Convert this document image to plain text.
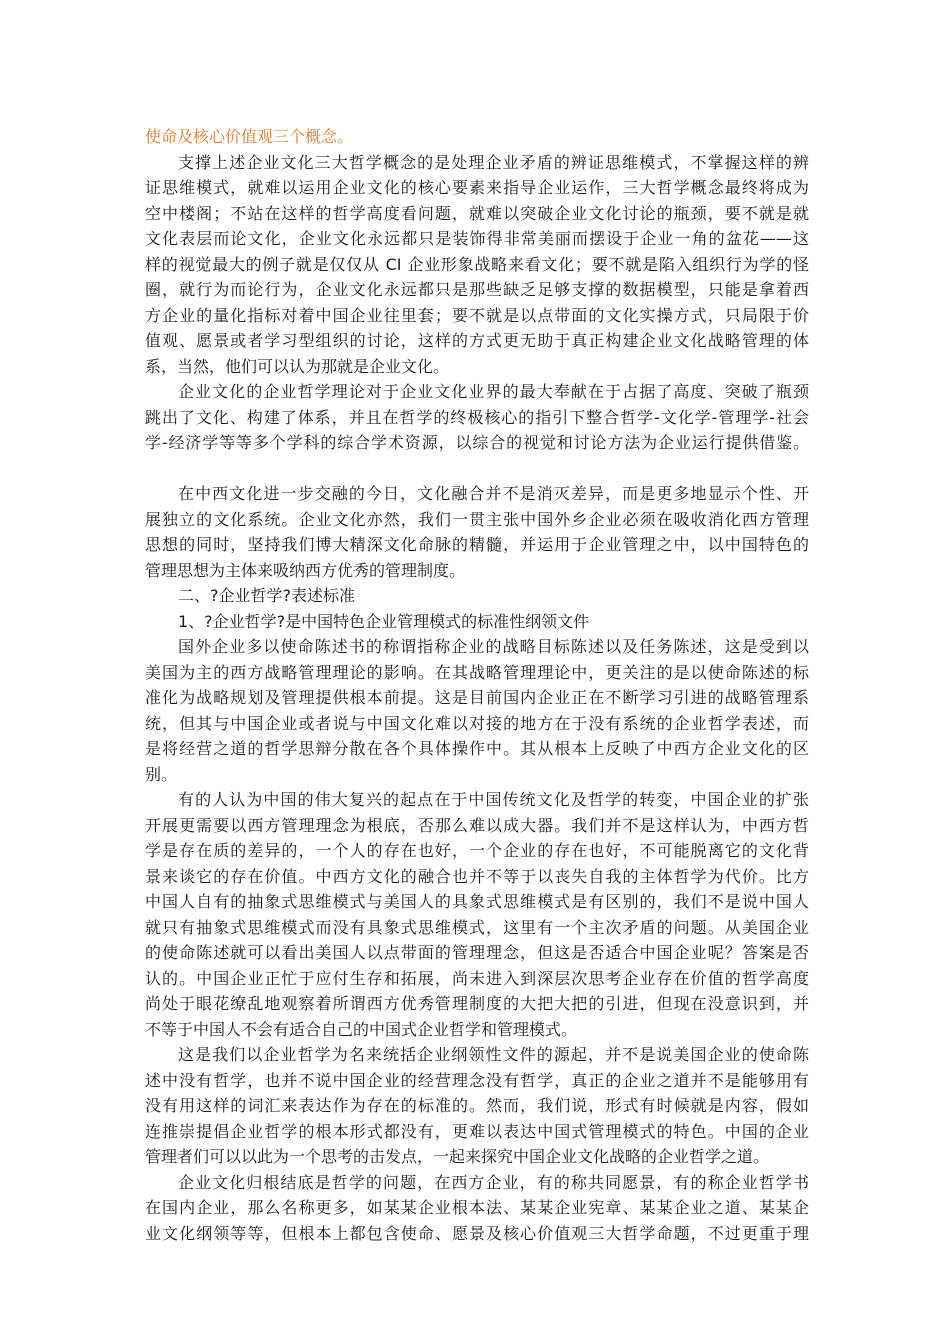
使命及核心价值观三个概念。
支撑上述企业文化三大哲学概念的是处理企业矛盾的辨证思维模式，不掌握这样的辨
证思维模式，就难以运用企业文化的核心要素来指导企业运作，三大哲学概念最终将成为
空中楼阁；不站在这样的哲学高度看问题，就难以突破企业文化讨论的瓶颈，要不就是就
文化表层而论文化，企业文化永远都只是装饰得非常美丽而摆设于企业一角的盆花——这
样的视觉最大的例子就是仅仅从 CI 企业形象战略来看文化；要不就是陷入组织行为学的怪
圈，就行为而论行为，企业文化永远都只是那些缺乏足够支撑的数据模型，只能是拿着西
方企业的量化指标对着中国企业往里套；要不就是以点带面的文化实操方式，只局限于价
值观、愿景或者学习型组织的讨论，这样的方式更无助于真正构建企业文化战略管理的体
系，当然，他们可以认为那就是企业文化。
企业文化的企业哲学理论对于企业文化业界的最大奉献在于占据了高度、突破了瓶颈
跳出了文化、构建了体系，并且在哲学的终极核心的指引下整合哲学-文化学-管理学-社会
学-经济学等等多个学科的综合学术资源，以综合的视觉和讨论方法为企业运行提供借鉴。
在中西文化进一步交融的今日，文化融合并不是消灭差异，而是更多地显示个性、开
展独立的文化系统。企业文化亦然，我们一贯主张中国外乡企业必须在吸收消化西方管理
思想的同时，坚持我们博大精深文化命脉的精髓，并运用于企业管理之中，以中国特色的
管理思想为主体来吸纳西方优秀的管理制度。
二、?企业哲学?表述标准
1、?企业哲学?是中国特色企业管理模式的标准性纲领文件
国外企业多以使命陈述书的称谓指称企业的战略目标陈述以及任务陈述，这是受到以
美国为主的西方战略管理理论的影响。在其战略管理理论中，更关注的是以使命陈述的标
准化为战略规划及管理提供根本前提。这是目前国内企业正在不断学习引进的战略管理系
统，但其与中国企业或者说与中国文化难以对接的地方在于没有系统的企业哲学表述，而
是将经营之道的哲学思辩分散在各个具体操作中。其从根本上反映了中西方企业文化的区
别。
有的人认为中国的伟大复兴的起点在于中国传统文化及哲学的转变，中国企业的扩张
开展更需要以西方管理理念为根底，否那么难以成大器。我们并不是这样认为，中西方哲
学是存在质的差异的，一个人的存在也好，一个企业的存在也好，不可能脱离它的文化背
景来谈它的存在价值。中西方文化的融合也并不等于以丧失自我的主体哲学为代价。比方
中国人自有的抽象式思维模式与美国人的具象式思维模式是有区别的，我们不是说中国人
就只有抽象式思维模式而没有具象式思维模式，这里有一个主次矛盾的问题。从美国企业
的使命陈述就可以看出美国人以点带面的管理理念，但这是否适合中国企业呢？答案是否
认的。中国企业正忙于应付生存和拓展，尚未进入到深层次思考企业存在价值的哲学高度
尚处于眼花缭乱地观察着所谓西方优秀管理制度的大把大把的引进，但现在没意识到，并
不等于中国人不会有适合自己的中国式企业哲学和管理模式。
这是我们以企业哲学为名来统括企业纲领性文件的源起，并不是说美国企业的使命陈
述中没有哲学，也并不说中国企业的经营理念没有哲学，真正的企业之道并不是能够用有
没有用这样的词汇来表达作为存在的标准的。然而，我们说，形式有时候就是内容，假如
连推崇提倡企业哲学的根本形式都没有，更难以表达中国式管理模式的特色。中国的企业
管理者们可以以此为一个思考的击发点，一起来探究中国企业文化战略的企业哲学之道。
企业文化归根结底是哲学的问题，在西方企业，有的称共同愿景，有的称企业哲学书
在国内企业，那么名称更多，如某某企业根本法、某某企业宪章、某某企业之道、某某企
业文化纲领等等，但根本上都包含使命、愿景及核心价值观三大哲学命题，不过更重于理
